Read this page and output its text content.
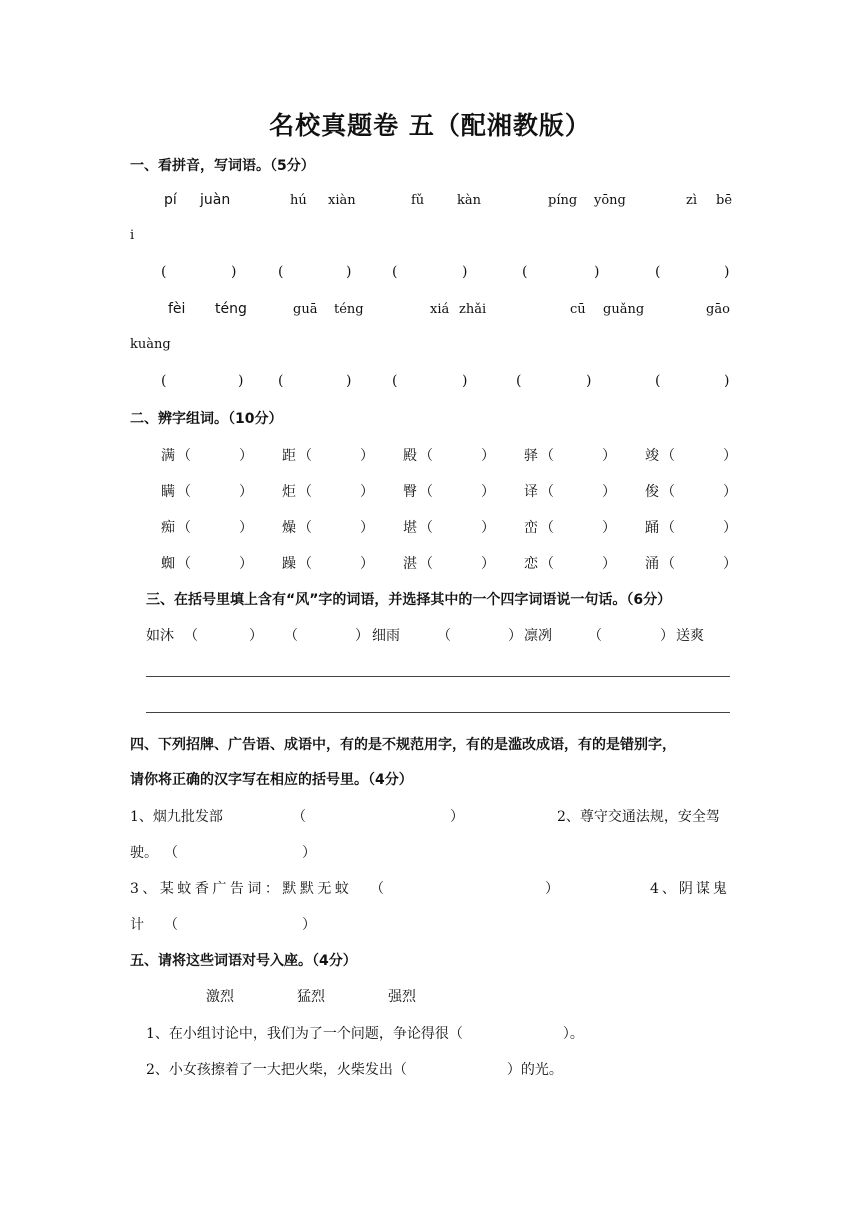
名校真题卷 五（配湘教版）
一、看拼音，写词语。（5分）
pí juàn	hú xiàn	fǔ	kàn	píng yōng	zì bē
i
(	)	(	)	(	)	(	)	(	)
fèi téng	guā téng	xiá zhǎi	cū guǎng	gāo
kuàng
(	) (	)	(	)	(	)	(	)
二、辨字组词。（10分）
满 （	） 距 （	） 殿 （	） 驿 （	） 竣 （	）
瞒 （	） 炬 （	） 臀 （	） 译 （	） 俊 （	）
痴 （	） 燥 （	） 堪 （	） 峦 （	） 踊 （	）
蜘 （	） 躁 （	） 湛 （	） 恋 （	） 涌 （	）
三、在括号里填上含有“风”字的词语，并选择其中的一个四字词语说一句话。（6分）
如沐 （	） （	） 细雨	（	） 凛冽	（	） 送爽
四、下列招牌、广告语、成语中，有的是不规范用字，有的是滥改成语，有的是错别字，
请你将正确的汉字写在相应的括号里。（4分）
1、烟九批发部	（	）	2、尊守交通法规，安全驾
驶。 （	）
3、某蚊香广告词：默默无蚊 （	）	4、阴谋鬼
计 （	）
五、请将这些词语对号入座。（4分）
激烈	猛烈	强烈
1、在小组讨论中，我们为了一个问题，争论得很（	）。
2、小女孩擦着了一大把火柴，火柴发出（	）的光。
